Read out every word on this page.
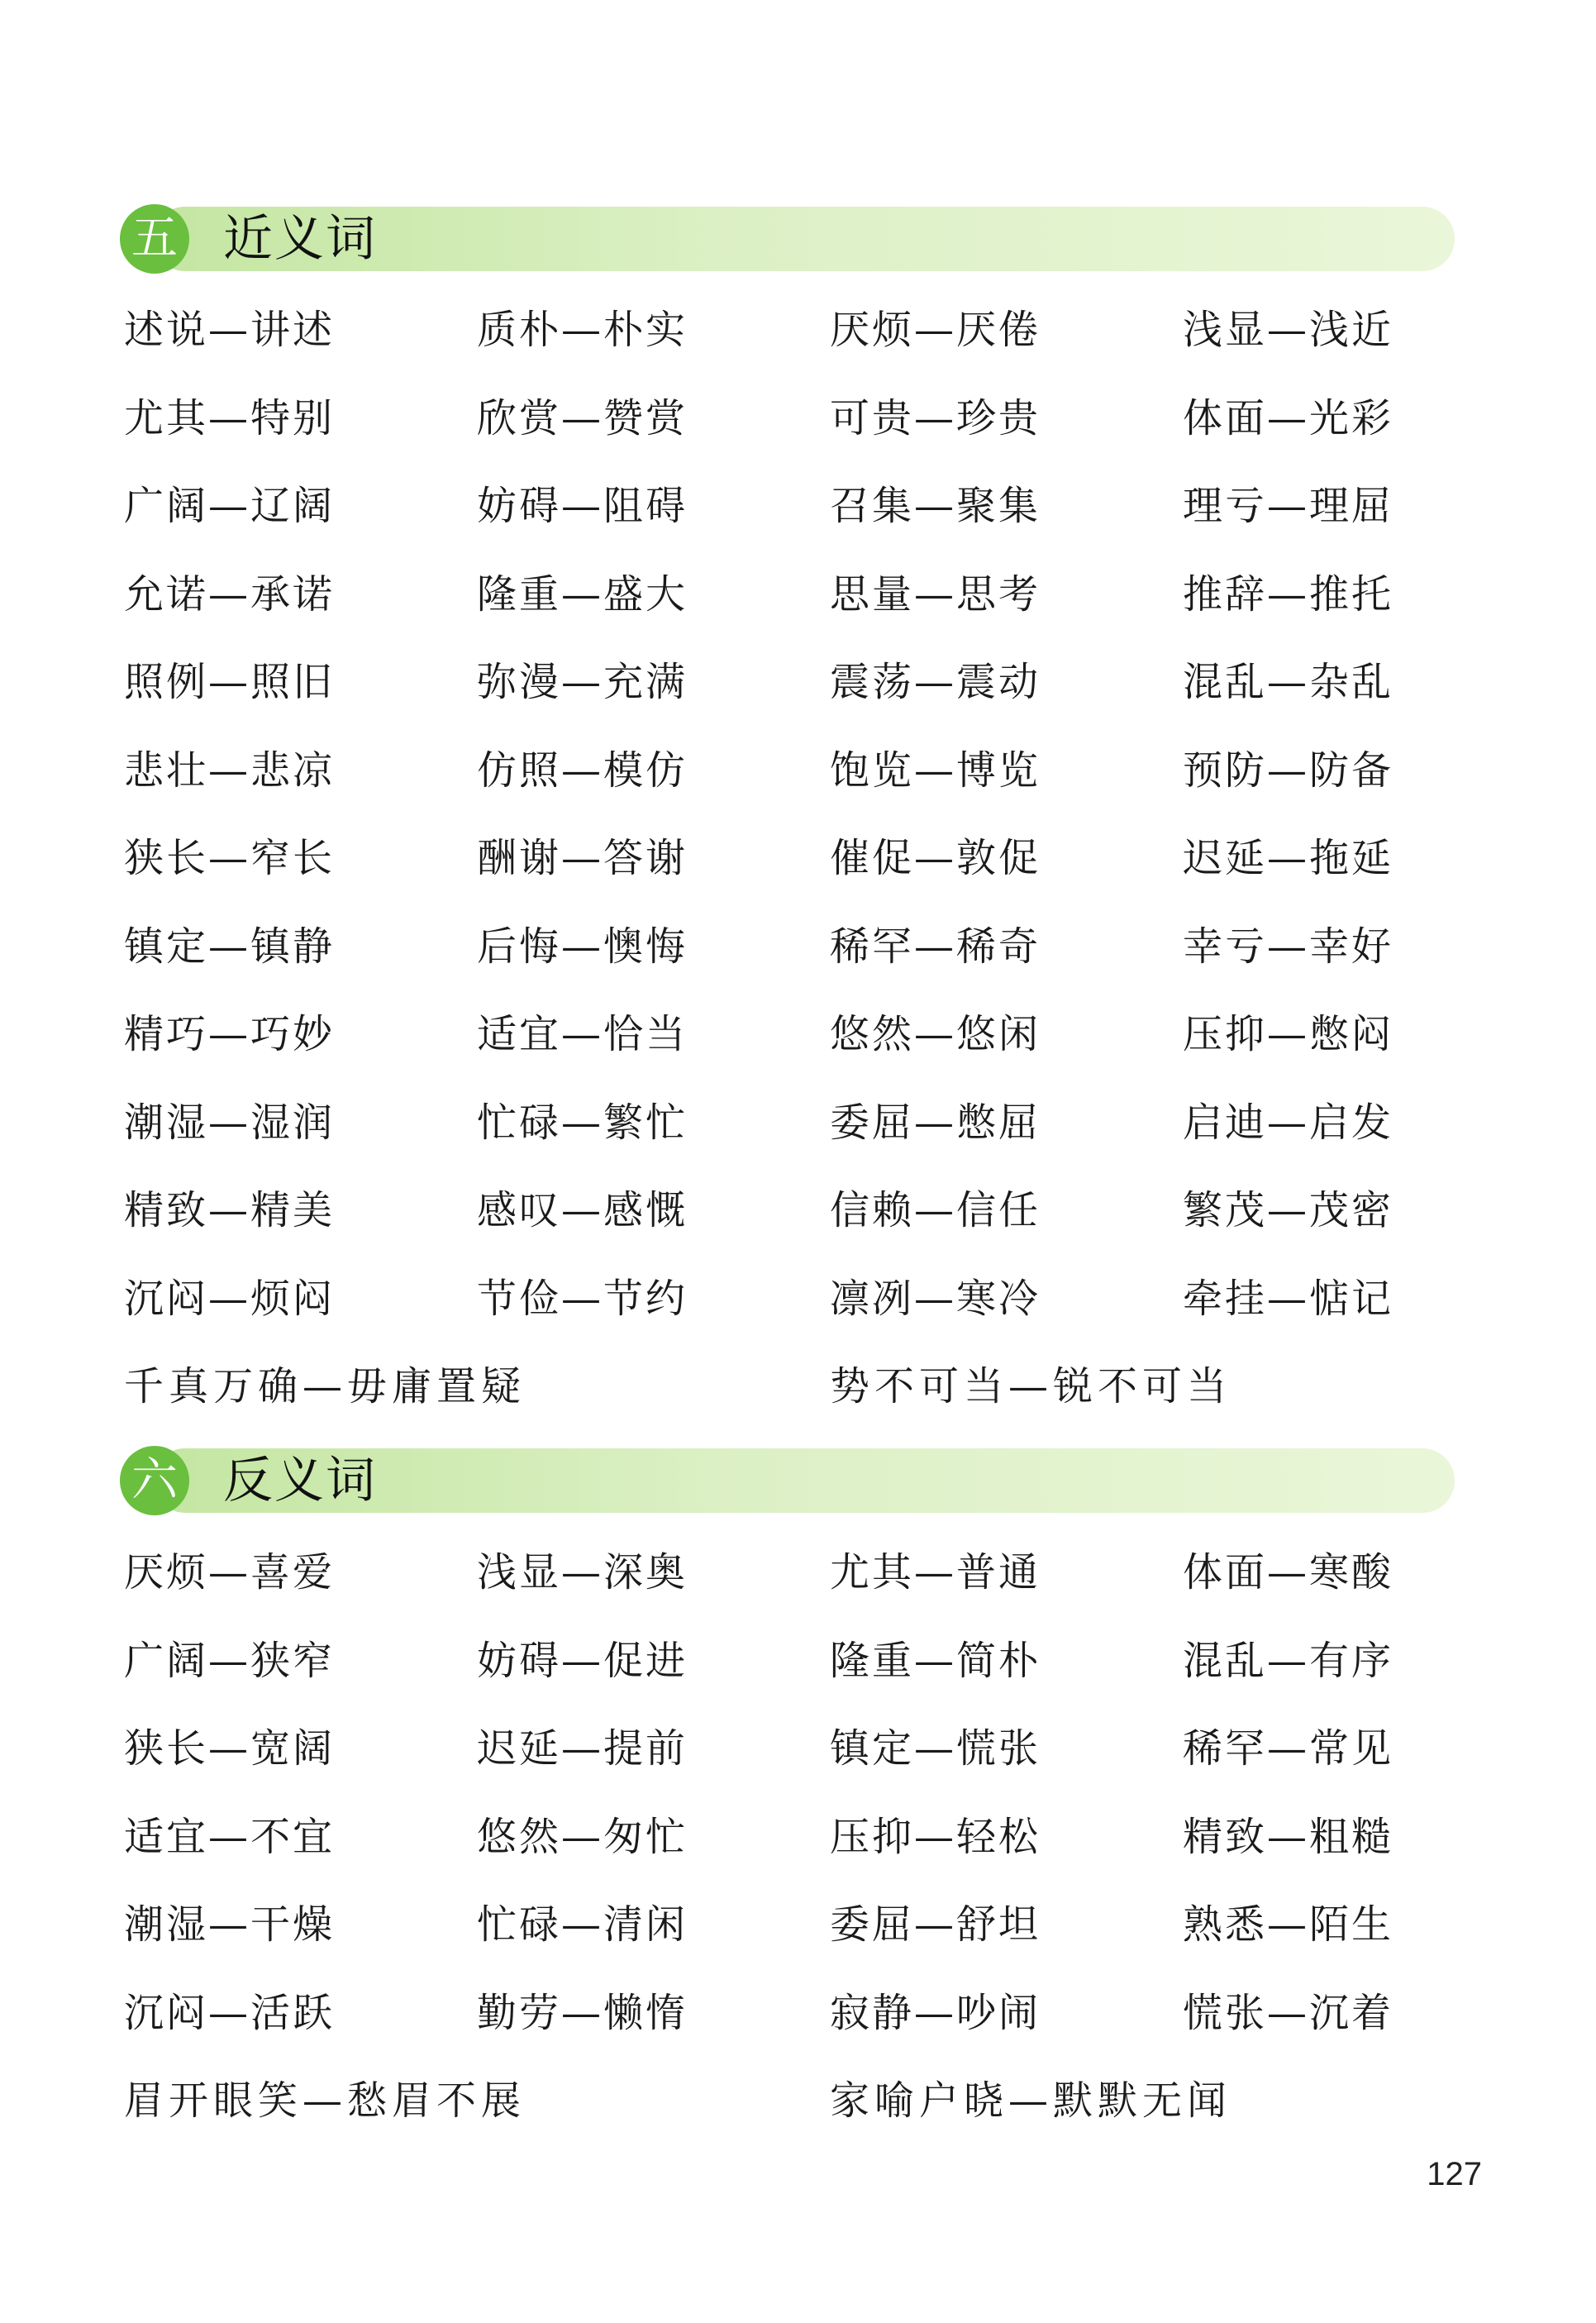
五 近义词
述说—讲述	质朴—朴实	厌烦—厌倦	浅显—浅近
尤其—特别	欣赏—赞赏	可贵—珍贵	体面—光彩
广阔—辽阔	妨碍—阻碍	召集—聚集	理亏—理屈
允诺—承诺	隆重—盛大	思量—思考	推辞—推托
照例—照旧	弥漫—充满	震荡—震动	混乱—杂乱
悲壮—悲凉	仿照—模仿	饱览—博览	预防—防备
狭长—窄长	酬谢—答谢	催促—敦促	迟延—拖延
镇定—镇静	后悔—懊悔	稀罕—稀奇	幸亏—幸好
精巧—巧妙	适宜—恰当	悠然—悠闲	压抑—憋闷
潮湿—湿润	忙碌—繁忙	委屈—憋屈	启迪—启发
精致—精美	感叹—感慨	信赖—信任	繁茂—茂密
沉闷—烦闷	节俭—节约	凛冽—寒冷	牵挂—惦记
千真万确—毋庸置疑	势不可当—锐不可当
六 反义词
厌烦—喜爱	浅显—深奥	尤其—普通	体面—寒酸
广阔—狭窄	妨碍—促进	隆重—简朴	混乱—有序
狭长—宽阔	迟延—提前	镇定—慌张	稀罕—常见
适宜—不宜	悠然—匆忙	压抑—轻松	精致—粗糙
潮湿—干燥	忙碌—清闲	委屈—舒坦	熟悉—陌生
沉闷—活跃	勤劳—懒惰	寂静—吵闹	慌张—沉着
眉开眼笑—愁眉不展	家喻户晓—默默无闻
127
